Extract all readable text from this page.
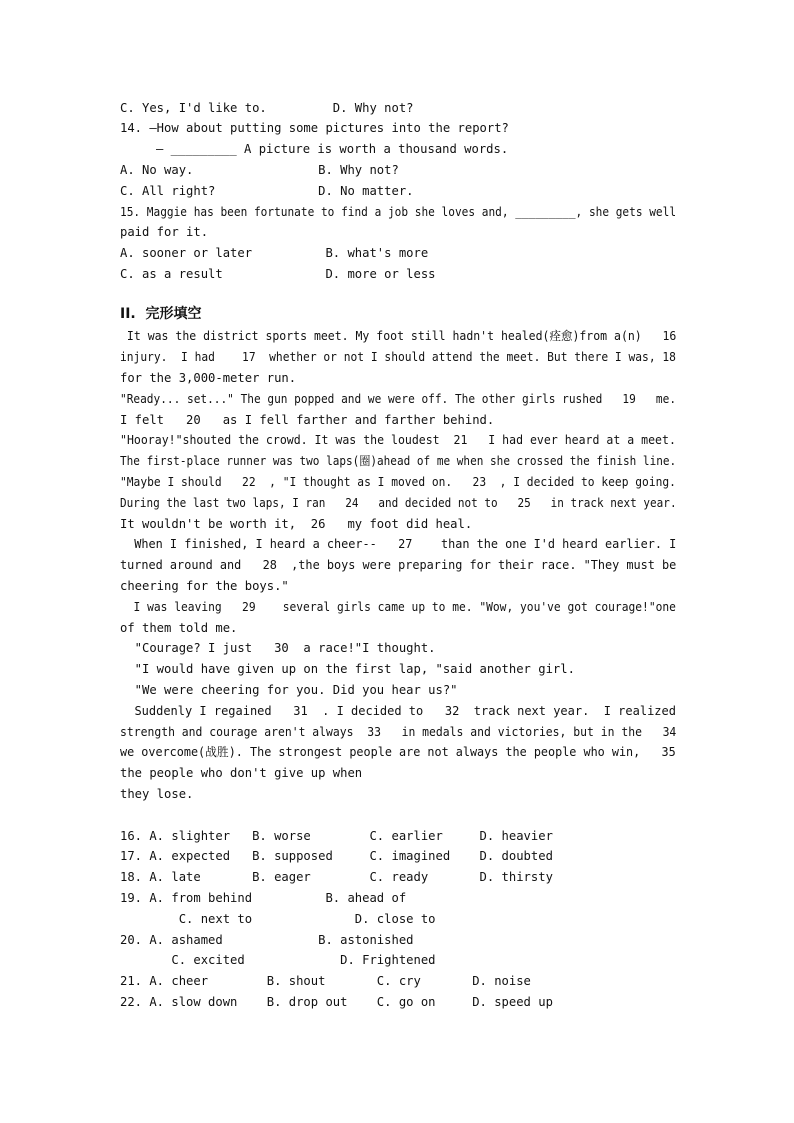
C. Yes, I'd like to.         D. Why not?
14. —How about putting some pictures into the report?
— _________ A picture is worth a thousand words.
A. No way.                 B. Why not?
C. All right?              D. No matter.
15. Maggie has been fortunate to find a job she loves and, _________, she gets well
paid for it.
A. sooner or later          B. what's more
C. as a result              D. more or less
II.  完形填空
It was the district sports meet. My foot still hadn't healed(痊愈)from a(n)   16
injury.  I had    17  whether or not I should attend the meet. But there I was, 18
for the 3,000-meter run.
"Ready... set..." The gun popped and we were off. The other girls rushed   19   me.
I felt   20   as I fell farther and farther behind.
"Hooray!"shouted the crowd. It was the loudest  21   I had ever heard at a meet.
The first-place runner was two laps(圈)ahead of me when she crossed the finish line.
"Maybe I should   22  , "I thought as I moved on.   23  , I decided to keep going.
During the last two laps, I ran   24   and decided not to   25   in track next year.
It wouldn't be worth it,  26   my foot did heal.
When I finished, I heard a cheer--   27    than the one I'd heard earlier. I
turned around and   28  ,the boys were preparing for their race. "They must be
cheering for the boys."
I was leaving   29    several girls came up to me. "Wow, you've got courage!"one
of them told me.
"Courage? I just   30  a race!"I thought.
"I would have given up on the first lap, "said another girl.
"We were cheering for you. Did you hear us?"
Suddenly I regained   31  . I decided to   32  track next year.  I realized
strength and courage aren't always  33   in medals and victories, but in the   34
we overcome(战胜). The strongest people are not always the people who win,   35
the people who don't give up when
they lose.
16. A. slighter   B. worse        C. earlier     D. heavier
17. A. expected   B. supposed     C. imagined    D. doubted
18. A. late       B. eager        C. ready       D. thirsty
19. A. from behind          B. ahead of
C. next to              D. close to
20. A. ashamed             B. astonished
C. excited             D. Frightened
21. A. cheer        B. shout       C. cry       D. noise
22. A. slow down    B. drop out    C. go on     D. speed up
